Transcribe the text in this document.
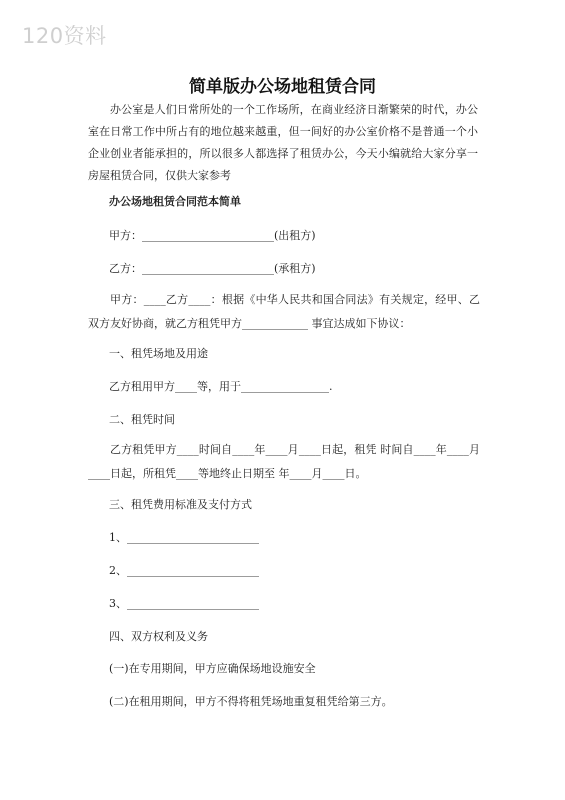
120资料
简单版办公场地租赁合同
办公室是人们日常所处的一个工作场所，在商业经济日渐繁荣的时代，办公室在日常工作中所占有的地位越来越重，但一间好的办公室价格不是普通一个小企业创业者能承担的，所以很多人都选择了租赁办公，今天小编就给大家分享一房屋租赁合同，仅供大家参考
办公场地租赁合同范本简单
甲方：________________________(出租方)
乙方：________________________(承租方)
甲方：____乙方____：根据《中华人民共和国合同法》有关规定，经甲、乙双方友好协商，就乙方租凭甲方____________ 事宜达成如下协议：
一、租凭场地及用途
乙方租用甲方____等，用于________________.
二、租凭时间
乙方租凭甲方____时间自____年____月____日起，租凭 时间自____年____月____日起，所租凭____等地终止日期至 年____月____日。
三、租凭费用标准及支付方式
1、________________________
2、________________________
3、________________________
四、双方权利及义务
(一)在专用期间，甲方应确保场地设施安全
(二)在租用期间，甲方不得将租凭场地重复租凭给第三方。
